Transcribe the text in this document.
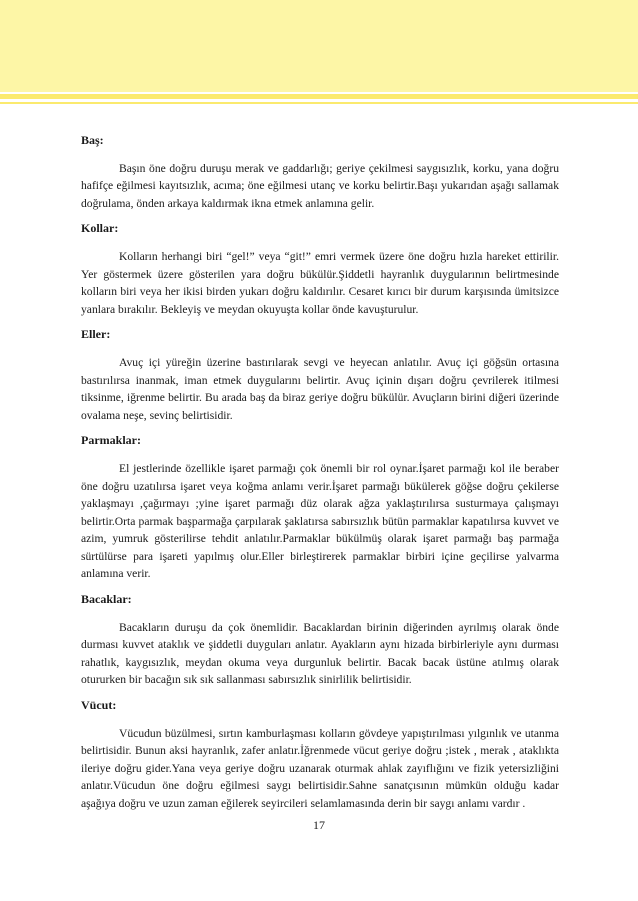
Baş:

Başın öne doğru duruşu merak ve gaddarlığı; geriye çekilmesi saygısızlık, korku, yana doğru hafifçe eğilmesi kayıtsızlık, acıma; öne eğilmesi utanç ve korku belirtir.Başı yukarıdan aşağı sallamak doğrulama, önden arkaya kaldırmak ikna etmek anlamına gelir.

Kollar:

Kolların herhangi biri “gel!” veya “git!” emri vermek üzere öne doğru hızla hareket ettirilir. Yer göstermek üzere gösterilen yara doğru bükülür.Şiddetli hayranlık duygularının belirtmesinde kolların biri veya her ikisi birden yukarı doğru kaldırılır. Cesaret kırıcı bir durum karşısında ümitsizce yanlara bırakılır. Bekleyiş ve meydan okuyuşta kollar önde kavuşturulur.

Eller:

Avuç içi yüreğin üzerine bastırılarak sevgi ve heyecan anlatılır. Avuç içi göğsün ortasına bastırılırsa inanmak, iman etmek duygularını belirtir. Avuç içinin dışarı doğru çevrilerek itilmesi tiksinme, iğrenme belirtir. Bu arada baş da biraz geriye doğru bükülür. Avuçların birini diğeri üzerinde ovalama neşe, sevinç belirtisidir.

Parmaklar:

El jestlerinde özellikle işaret parmağı çok önemli bir rol oynar.İşaret parmağı kol ile beraber öne doğru uzatılırsa işaret veya koğma anlamı verir.İşaret parmağı bükülerek göğse doğru çekilerse yaklaşmayı ,çağırmayı ;yine işaret parmağı düz olarak ağza yaklaştırılırsa susturmaya çalışmayı belirtir.Orta parmak başparmağa çarpılarak şaklatırsa sabırsızlık bütün parmaklar kapatılırsa kuvvet ve azim, yumruk gösterilirse tehdit anlatılır.Parmaklar bükülmüş olarak işaret parmağı baş parmağa sürtülürse para işareti yapılmış olur.Eller birleştirerek parmaklar birbiri içine geçilirse yalvarma anlamına verir.

Bacaklar:

Bacakların duruşu da çok önemlidir. Bacaklardan birinin diğerinden ayrılmış olarak önde durması kuvvet ataklık ve şiddetli duyguları anlatır. Ayakların aynı hizada birbirleriyle aynı durması rahatlık, kaygısızlık, meydan okuma veya durgunluk belirtir. Bacak bacak üstüne atılmış olarak otururken bir bacağın sık sık sallanması sabırsızlık sinirlilik belirtisidir.

Vücut:

Vücudun büzülmesi, sırtın kamburlaşması kolların gövdeye yapıştırılması yılgınlık ve utanma belirtisidir. Bunun aksi hayranlık, zafer anlatır.İğrenmede vücut geriye doğru ;istek , merak , ataklıkta ileriye doğru gider.Yana veya geriye doğru uzanarak oturmak ahlak zayıflığını ve fizik yetersizliğini anlatır.Vücudun öne doğru eğilmesi saygı belirtisidir.Sahne sanatçısının mümkün olduğu kadar aşağıya doğru ve uzun zaman eğilerek seyircileri selamlamasında derin bir saygı anlamı vardır .

17
